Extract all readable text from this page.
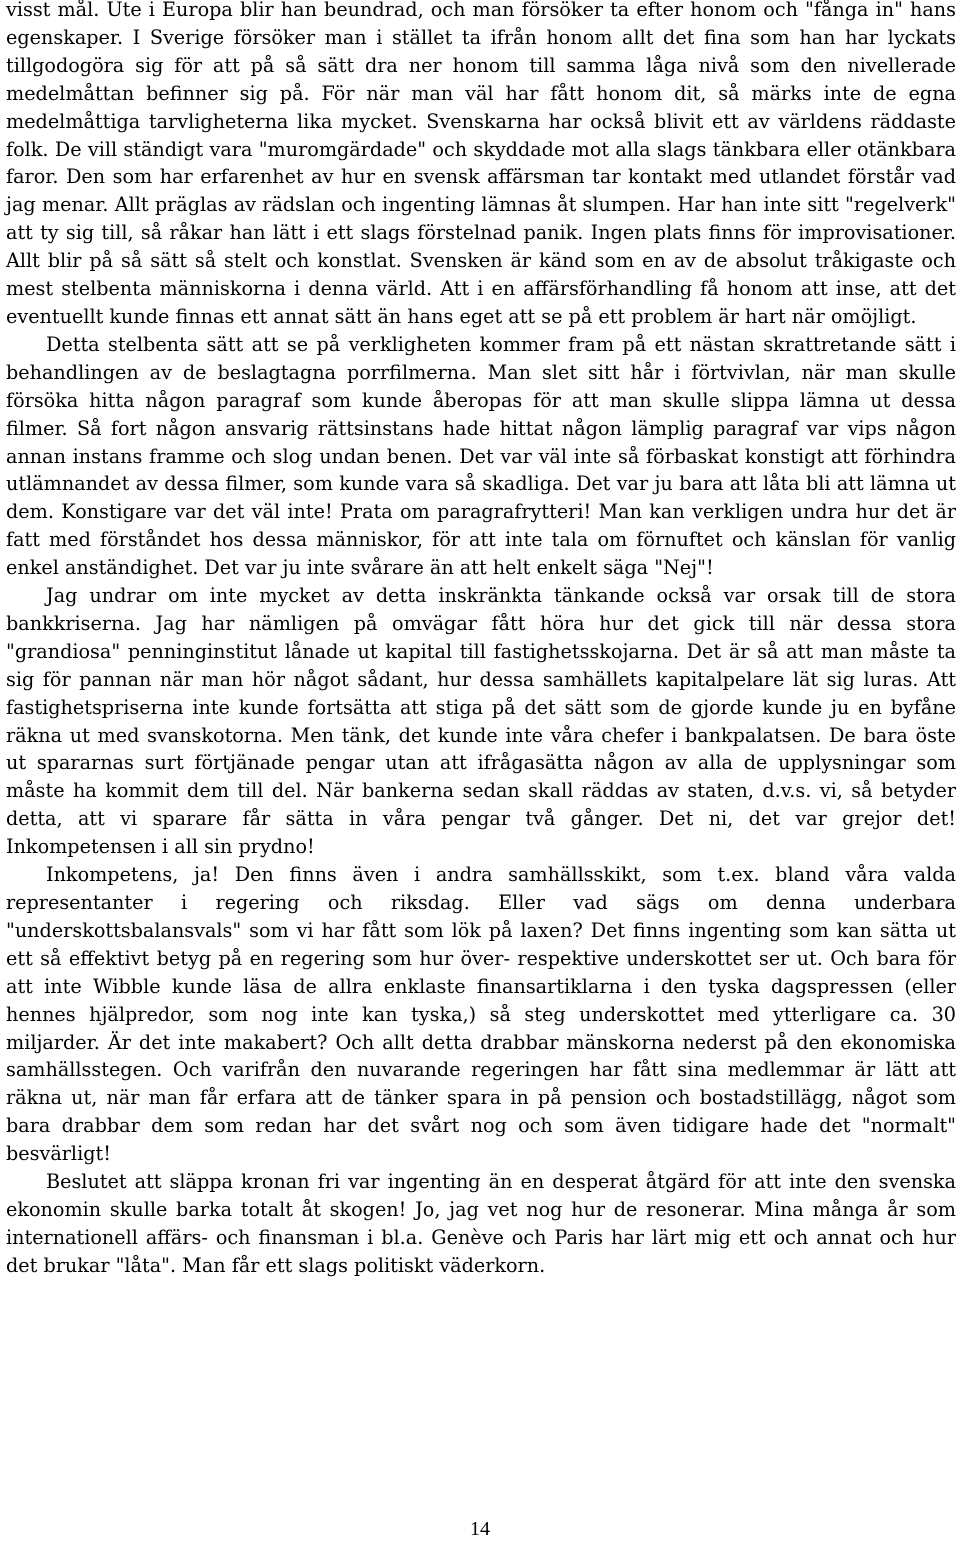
visst mål. Ute i Europa blir han beundrad, och man försöker ta efter honom och "fånga in" hans egenskaper. I Sverige försöker man i stället ta ifrån honom allt det fina som han har lyckats tillgodogöra sig för att på så sätt dra ner honom till samma låga nivå som den nivellerade medelmåttan befinner sig på. För när man väl har fått honom dit, så märks inte de egna medelmåttiga tarvligheterna lika mycket. Svenskarna har också blivit ett av världens räddaste folk. De vill ständigt vara "muromgärdade" och skyddade mot alla slags tänkbara eller otänkbara faror. Den som har erfarenhet av hur en svensk affärsman tar kontakt med utlandet förstår vad jag menar. Allt präglas av rädslan och ingenting lämnas åt slumpen. Har han inte sitt "regelverk" att ty sig till, så råkar han lätt i ett slags förstelnad panik. Ingen plats finns för improvisationer. Allt blir på så sätt så stelt och konstlat. Svensken är känd som en av de absolut tråkigaste och mest stelbenta människorna i denna värld. Att i en affärsförhandling få honom att inse, att det eventuellt kunde finnas ett annat sätt än hans eget att se på ett problem är hart när omöjligt.

Detta stelbenta sätt att se på verkligheten kommer fram på ett nästan skrattretande sätt i behandlingen av de beslagtagna porrfilmerna. Man slet sitt hår i förtvivlan, när man skulle försöka hitta någon paragraf som kunde åberopas för att man skulle slippa lämna ut dessa filmer. Så fort någon ansvarig rättsinstans hade hittat någon lämplig paragraf var vips någon annan instans framme och slog undan benen. Det var väl inte så förbaskat konstigt att förhindra utlämnandet av dessa filmer, som kunde vara så skadliga. Det var ju bara att låta bli att lämna ut dem. Konstigare var det väl inte! Prata om paragrafrytteri! Man kan verkligen undra hur det är fatt med förståndet hos dessa människor, för att inte tala om förnuftet och känslan för vanlig enkel anständighet. Det var ju inte svårare än att helt enkelt säga "Nej"!

Jag undrar om inte mycket av detta inskränkta tänkande också var orsak till de stora bankkriserna. Jag har nämligen på omvägar fått höra hur det gick till när dessa stora "grandiosa" penninginstitut lånade ut kapital till fastighetsskojarna. Det är så att man måste ta sig för pannan när man hör något sådant, hur dessa samhällets kapitalpelare lät sig luras. Att fastighetspriserna inte kunde fortsätta att stiga på det sätt som de gjorde kunde ju en byfåne räkna ut med svanskotorna. Men tänk, det kunde inte våra chefer i bankpalatsen. De bara öste ut spararnas surt förtjänade pengar utan att ifrågasätta någon av alla de upplysningar som måste ha kommit dem till del. När bankerna sedan skall räddas av staten, d.v.s. vi, så betyder detta, att vi sparare får sätta in våra pengar två gånger. Det ni, det var grejor det! Inkompetensen i all sin prydno!

Inkompetens, ja! Den finns även i andra samhällsskikt, som t.ex. bland våra valda representanter i regering och riksdag. Eller vad sägs om denna underbara "underskottsbalansvals" som vi har fått som lök på laxen? Det finns ingenting som kan sätta ut ett så effektivt betyg på en regering som hur över- respektive underskottet ser ut. Och bara för att inte Wibble kunde läsa de allra enklaste finansartiklarna i den tyska dagspressen (eller hennes hjälpredor, som nog inte kan tyska,) så steg underskottet med ytterligare ca. 30 miljarder. Är det inte makabert? Och allt detta drabbar mänskorna nederst på den ekonomiska samhällsstegen. Och varifrån den nuvarande regeringen har fått sina medlemmar är lätt att räkna ut, när man får erfara att de tänker spara in på pension och bostadstillägg, något som bara drabbar dem som redan har det svårt nog och som även tidigare hade det "normalt" besvärligt!

Beslutet att släppa kronan fri var ingenting än en desperat åtgärd för att inte den svenska ekonomin skulle barka totalt åt skogen! Jo, jag vet nog hur de resonerar. Mina många år som internationell affärs- och finansman i bl.a. Genève och Paris har lärt mig ett och annat och hur det brukar "låta". Man får ett slags politiskt väderkorn.

14
